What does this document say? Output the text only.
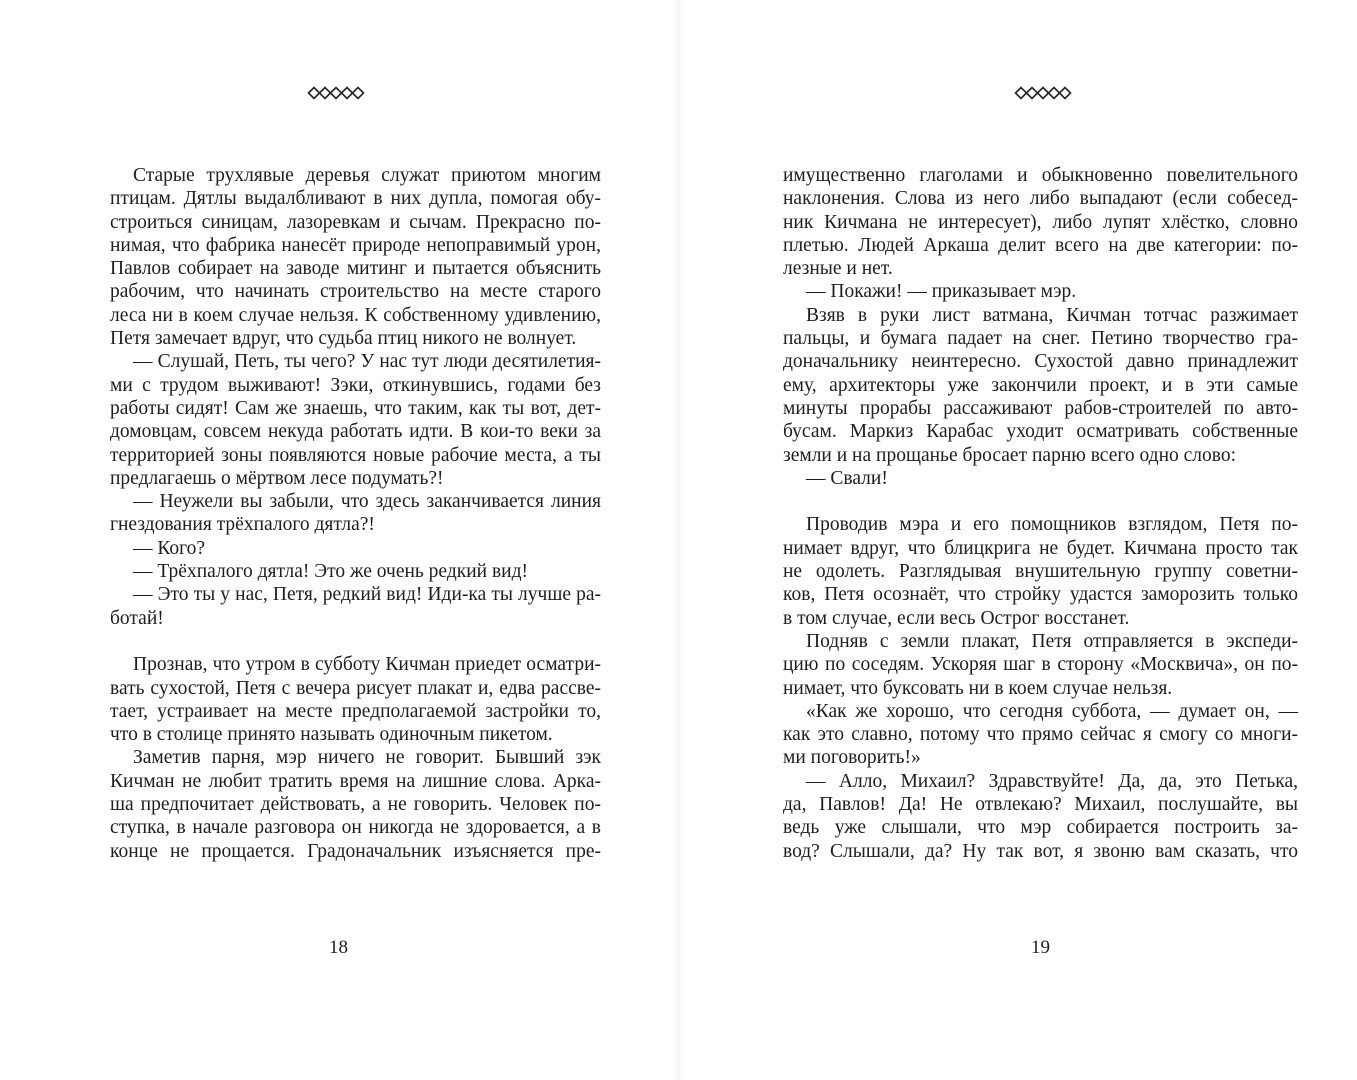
Старые трухлявые деревья служат приютом многим
птицам. Дятлы выдалбливают в них дупла, помогая обу-
строиться синицам, лазоревкам и сычам. Прекрасно по-
нимая, что фабрика нанесёт природе непоправимый урон,
Павлов собирает на заводе митинг и пытается объяснить
рабочим, что начинать строительство на месте старого
леса ни в коем случае нельзя. К собственному удивлению,
Петя замечает вдруг, что судьба птиц никого не волнует.
— Слушай, Петь, ты чего? У нас тут люди десятилетия-
ми с трудом выживают! Зэки, откинувшись, годами без
работы сидят! Сам же знаешь, что таким, как ты вот, дет-
домовцам, совсем некуда работать идти. В кои-то веки за
территорией зоны появляются новые рабочие места, а ты
предлагаешь о мёртвом лесе подумать?!
— Неужели вы забыли, что здесь заканчивается линия
гнездования трёхпалого дятла?!
— Кого?
— Трёхпалого дятла! Это же очень редкий вид!
— Это ты у нас, Петя, редкий вид! Иди-ка ты лучше ра-
ботай!
Прознав, что утром в субботу Кичман приедет осматри-
вать сухостой, Петя с вечера рисует плакат и, едва рассве-
тает, устраивает на месте предполагаемой застройки то,
что в столице принято называть одиночным пикетом.
Заметив парня, мэр ничего не говорит. Бывший зэк
Кичман не любит тратить время на лишние слова. Арка-
ша предпочитает действовать, а не говорить. Человек по-
ступка, в начале разговора он никогда не здоровается, а в
конце не прощается. Градоначальник изъясняется пре-
18
имущественно глаголами и обыкновенно повелительного
наклонения. Слова из него либо выпадают (если собесед-
ник Кичмана не интересует), либо лупят хлёстко, словно
плетью. Людей Аркаша делит всего на две категории: по-
лезные и нет.
— Покажи! — приказывает мэр.
Взяв в руки лист ватмана, Кичман тотчас разжимает
пальцы, и бумага падает на снег. Петино творчество гра-
доначальнику неинтересно. Сухостой давно принадлежит
ему, архитекторы уже закончили проект, и в эти самые
минуты прорабы рассаживают рабов-строителей по авто-
бусам. Маркиз Карабас уходит осматривать собственные
земли и на прощанье бросает парню всего одно слово:
— Свали!
Проводив мэра и его помощников взглядом, Петя по-
нимает вдруг, что блицкрига не будет. Кичмана просто так
не одолеть. Разглядывая внушительную группу советни-
ков, Петя осознаёт, что стройку удастся заморозить только
в том случае, если весь Острог восстанет.
Подняв с земли плакат, Петя отправляется в экспеди-
цию по соседям. Ускоряя шаг в сторону «Москвича», он по-
нимает, что буксовать ни в коем случае нельзя.
«Как же хорошо, что сегодня суббота, — думает он, —
как это славно, потому что прямо сейчас я смогу со многи-
ми поговорить!»
— Алло, Михаил? Здравствуйте! Да, да, это Петька,
да, Павлов! Да! Не отвлекаю? Михаил, послушайте, вы
ведь уже слышали, что мэр собирается построить за-
вод? Слышали, да? Ну так вот, я звоню вам сказать, что
19
